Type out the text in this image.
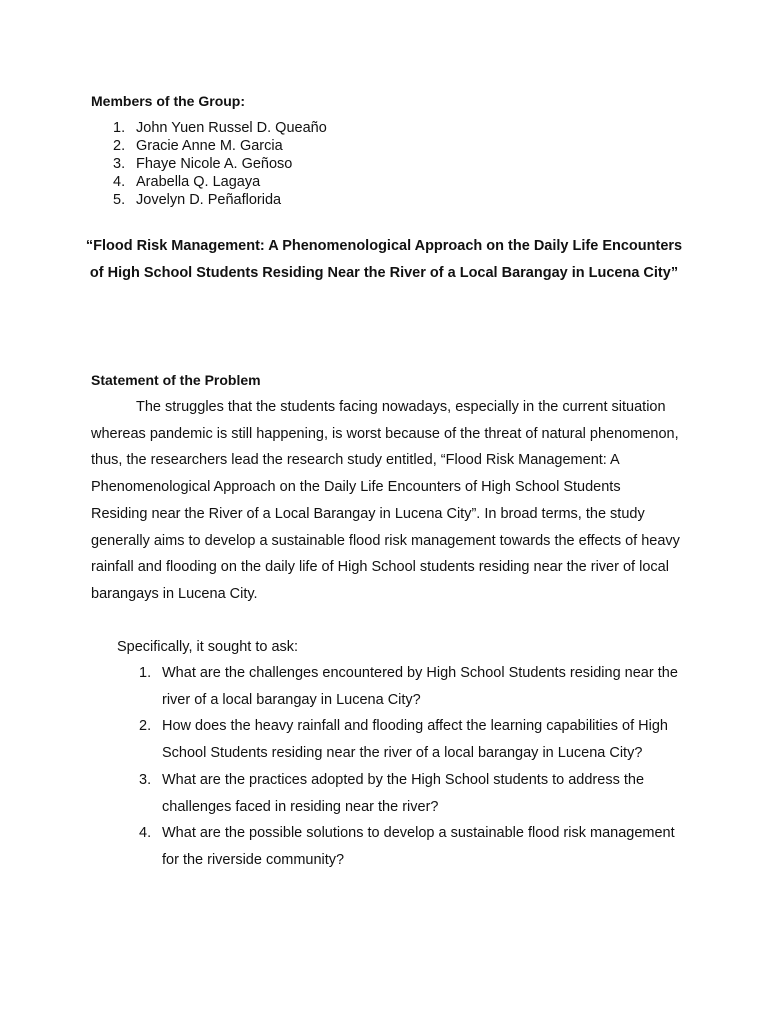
Members of the Group:

1. John Yuen Russel D. Queaño
2. Gracie Anne M. Garcia
3. Fhaye Nicole A. Geñoso
4. Arabella Q. Lagaya
5. Jovelyn D. Peñaflorida

“Flood Risk Management: A Phenomenological Approach on the Daily Life Encounters of High School Students Residing Near the River of a Local Barangay in Lucena City”

Statement of the Problem

The struggles that the students facing nowadays, especially in the current situation whereas pandemic is still happening, is worst because of the threat of natural phenomenon, thus, the researchers lead the research study entitled, “Flood Risk Management: A Phenomenological Approach on the Daily Life Encounters of High School Students Residing near the River of a Local Barangay in Lucena City”. In broad terms, the study generally aims to develop a sustainable flood risk management towards the effects of heavy rainfall and flooding on the daily life of High School students residing near the river of local barangays in Lucena City.

Specifically, it sought to ask:

1. What are the challenges encountered by High School Students residing near the river of a local barangay in Lucena City?
2. How does the heavy rainfall and flooding affect the learning capabilities of High School Students residing near the river of a local barangay in Lucena City?
3. What are the practices adopted by the High School students to address the challenges faced in residing near the river?
4. What are the possible solutions to develop a sustainable flood risk management for the riverside community?
